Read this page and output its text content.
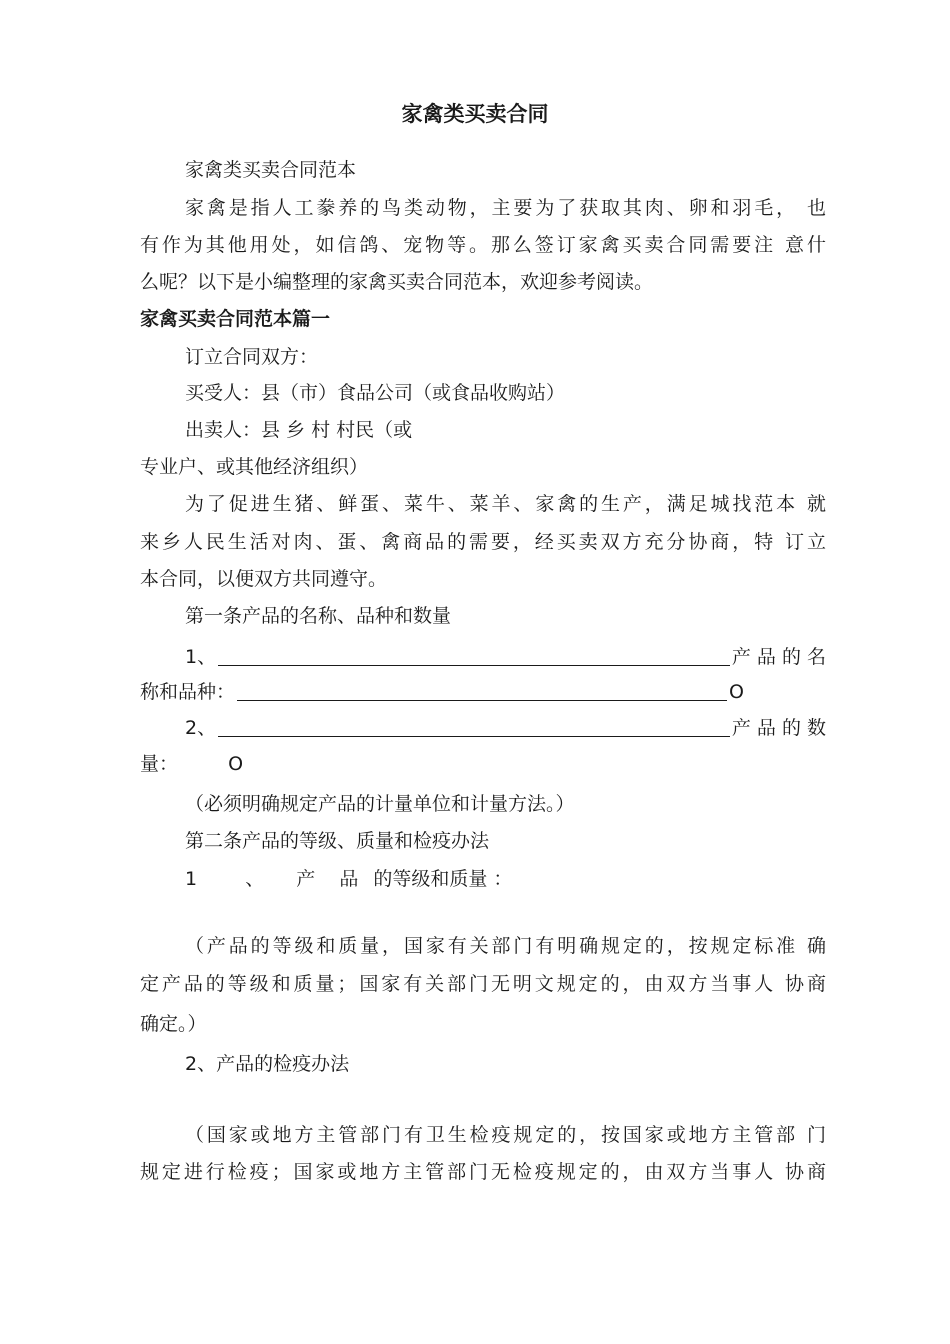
家禽类买卖合同

家禽类买卖合同范本

家禽是指人工豢养的鸟类动物，主要为了获取其肉、卵和羽毛， 也

有作为其他用处，如信鸽、宠物等。那么签订家禽买卖合同需要注 意什

么呢？以下是小编整理的家禽买卖合同范本，欢迎参考阅读。

家禽买卖合同范本篇一

订立合同双方：

买受人：县（市）食品公司（或食品收购站）

出卖人：县 乡 村 村民（或

专业户、或其他经济组织）

为了促进生猪、鲜蛋、菜牛、菜羊、家禽的生产，满足城找范本 就

来乡人民生活对肉、蛋、禽商品的需要，经买卖双方充分协商，特 订立

本合同，以便双方共同遵守。

第一条产品的名称、品种和数量

1、	产 品 的 名
称和品种：	O
2、	产 品 的 数
量：	O

（必须明确规定产品的计量单位和计量方法。）

第二条产品的等级、质量和检疫办法

1	、 产 品 的等级和质量 ：

（产品的等级和质量，国家有关部门有明确规定的，按规定标准 确

定产品的等级和质量；国家有关部门无明文规定的，由双方当事人 协商

确定。）

2、产品的检疫办法

（国家或地方主管部门有卫生检疫规定的，按国家或地方主管部 门

规定进行检疫；国家或地方主管部门无检疫规定的，由双方当事人 协商
